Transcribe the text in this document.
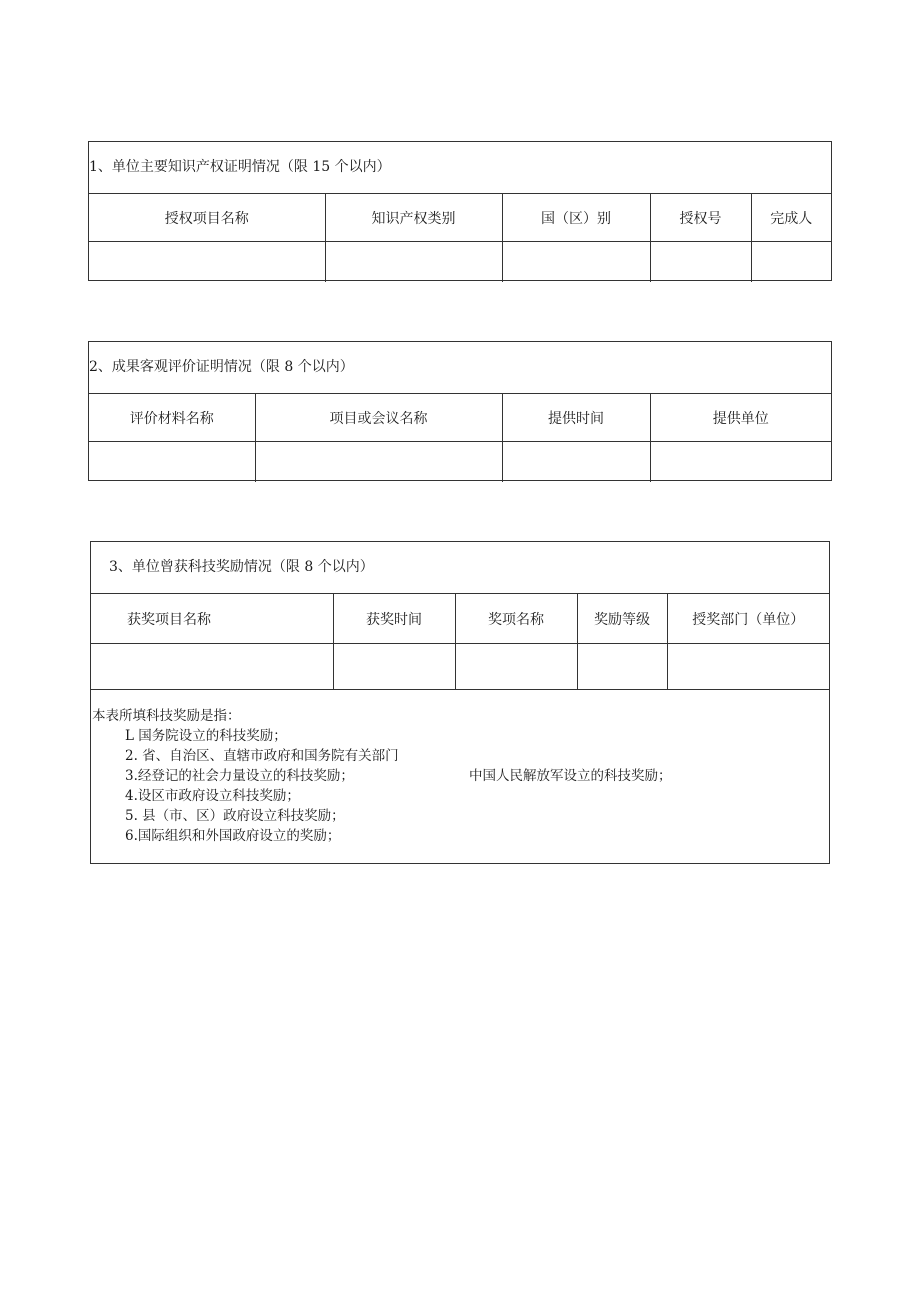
1、单位主要知识产权证明情况（限 15 个以内）
授权项目名称	知识产权类别	国（区）别	授权号	完成人

2、成果客观评价证明情况（限 8 个以内）
评价材料名称	项目或会议名称	提供时间	提供单位

3、单位曾获科技奖励情况（限 8 个以内）
获奖项目名称	获奖时间	奖项名称	奖励等级	授奖部门（单位）

本表所填科技奖励是指：
L 国务院设立的科技奖励；
2. 省、自治区、直辖市政府和国务院有关部门
3.经登记的社会力量设立的科技奖励；
4.设区市政府设立科技奖励；
5. 县（市、区）政府设立科技奖励；
6.国际组织和外国政府设立的奖励；
中国人民解放军设立的科技奖励；
